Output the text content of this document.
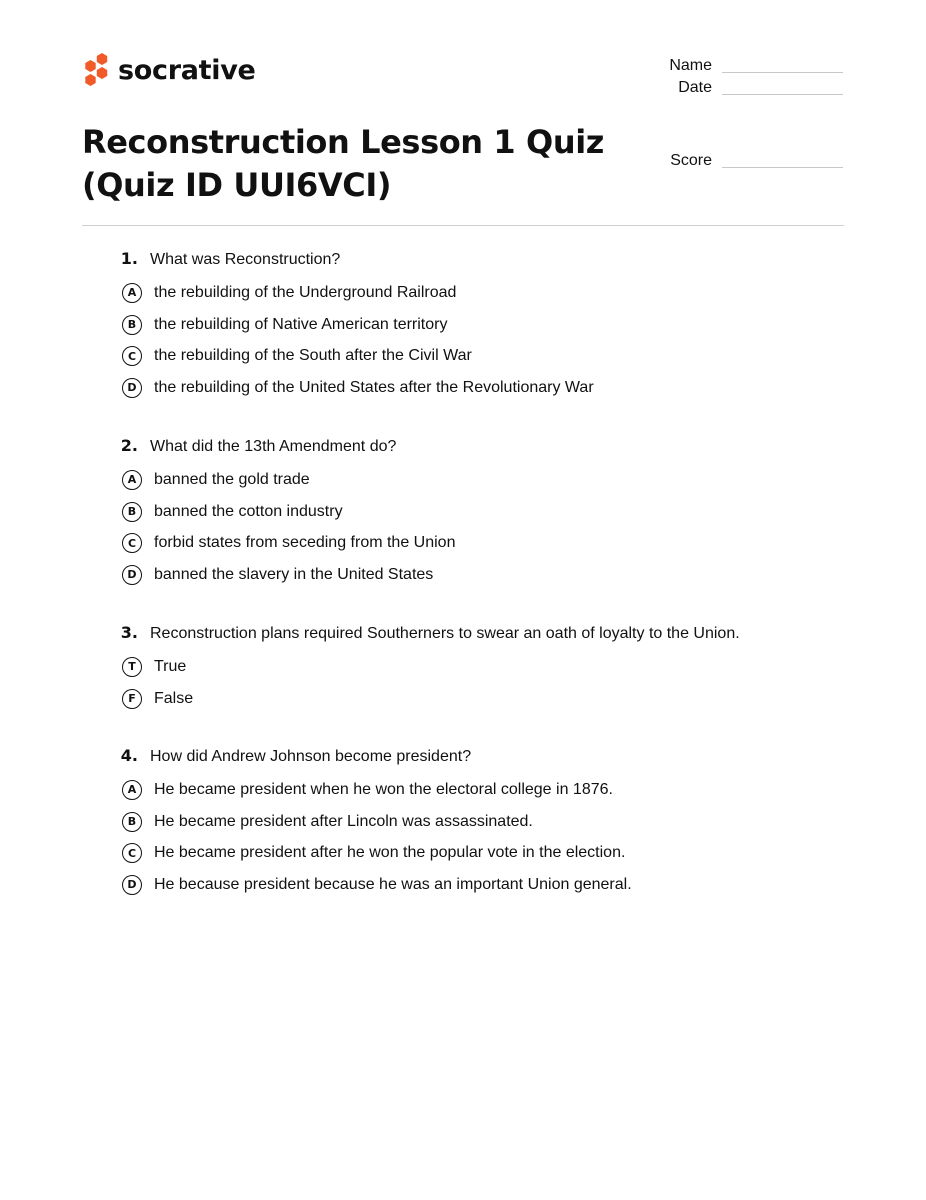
socrative
Reconstruction Lesson 1 Quiz
(Quiz ID UUI6VCI)
Name
Date
Score
1. What was Reconstruction?
A	the rebuilding of the Underground Railroad
B	the rebuilding of Native American territory
C	the rebuilding of the South after the Civil War
D	the rebuilding of the United States after the Revolutionary War
2. What did the 13th Amendment do?
A	banned the gold trade
B	banned the cotton industry
C	forbid states from seceding from the Union
D	banned the slavery in the United States
3. Reconstruction plans required Southerners to swear an oath of loyalty to the Union.
T	True
F	False
4. How did Andrew Johnson become president?
A	He became president when he won the electoral college in 1876.
B	He became president after Lincoln was assassinated.
C	He became president after he won the popular vote in the election.
D	He because president because he was an important Union general.
